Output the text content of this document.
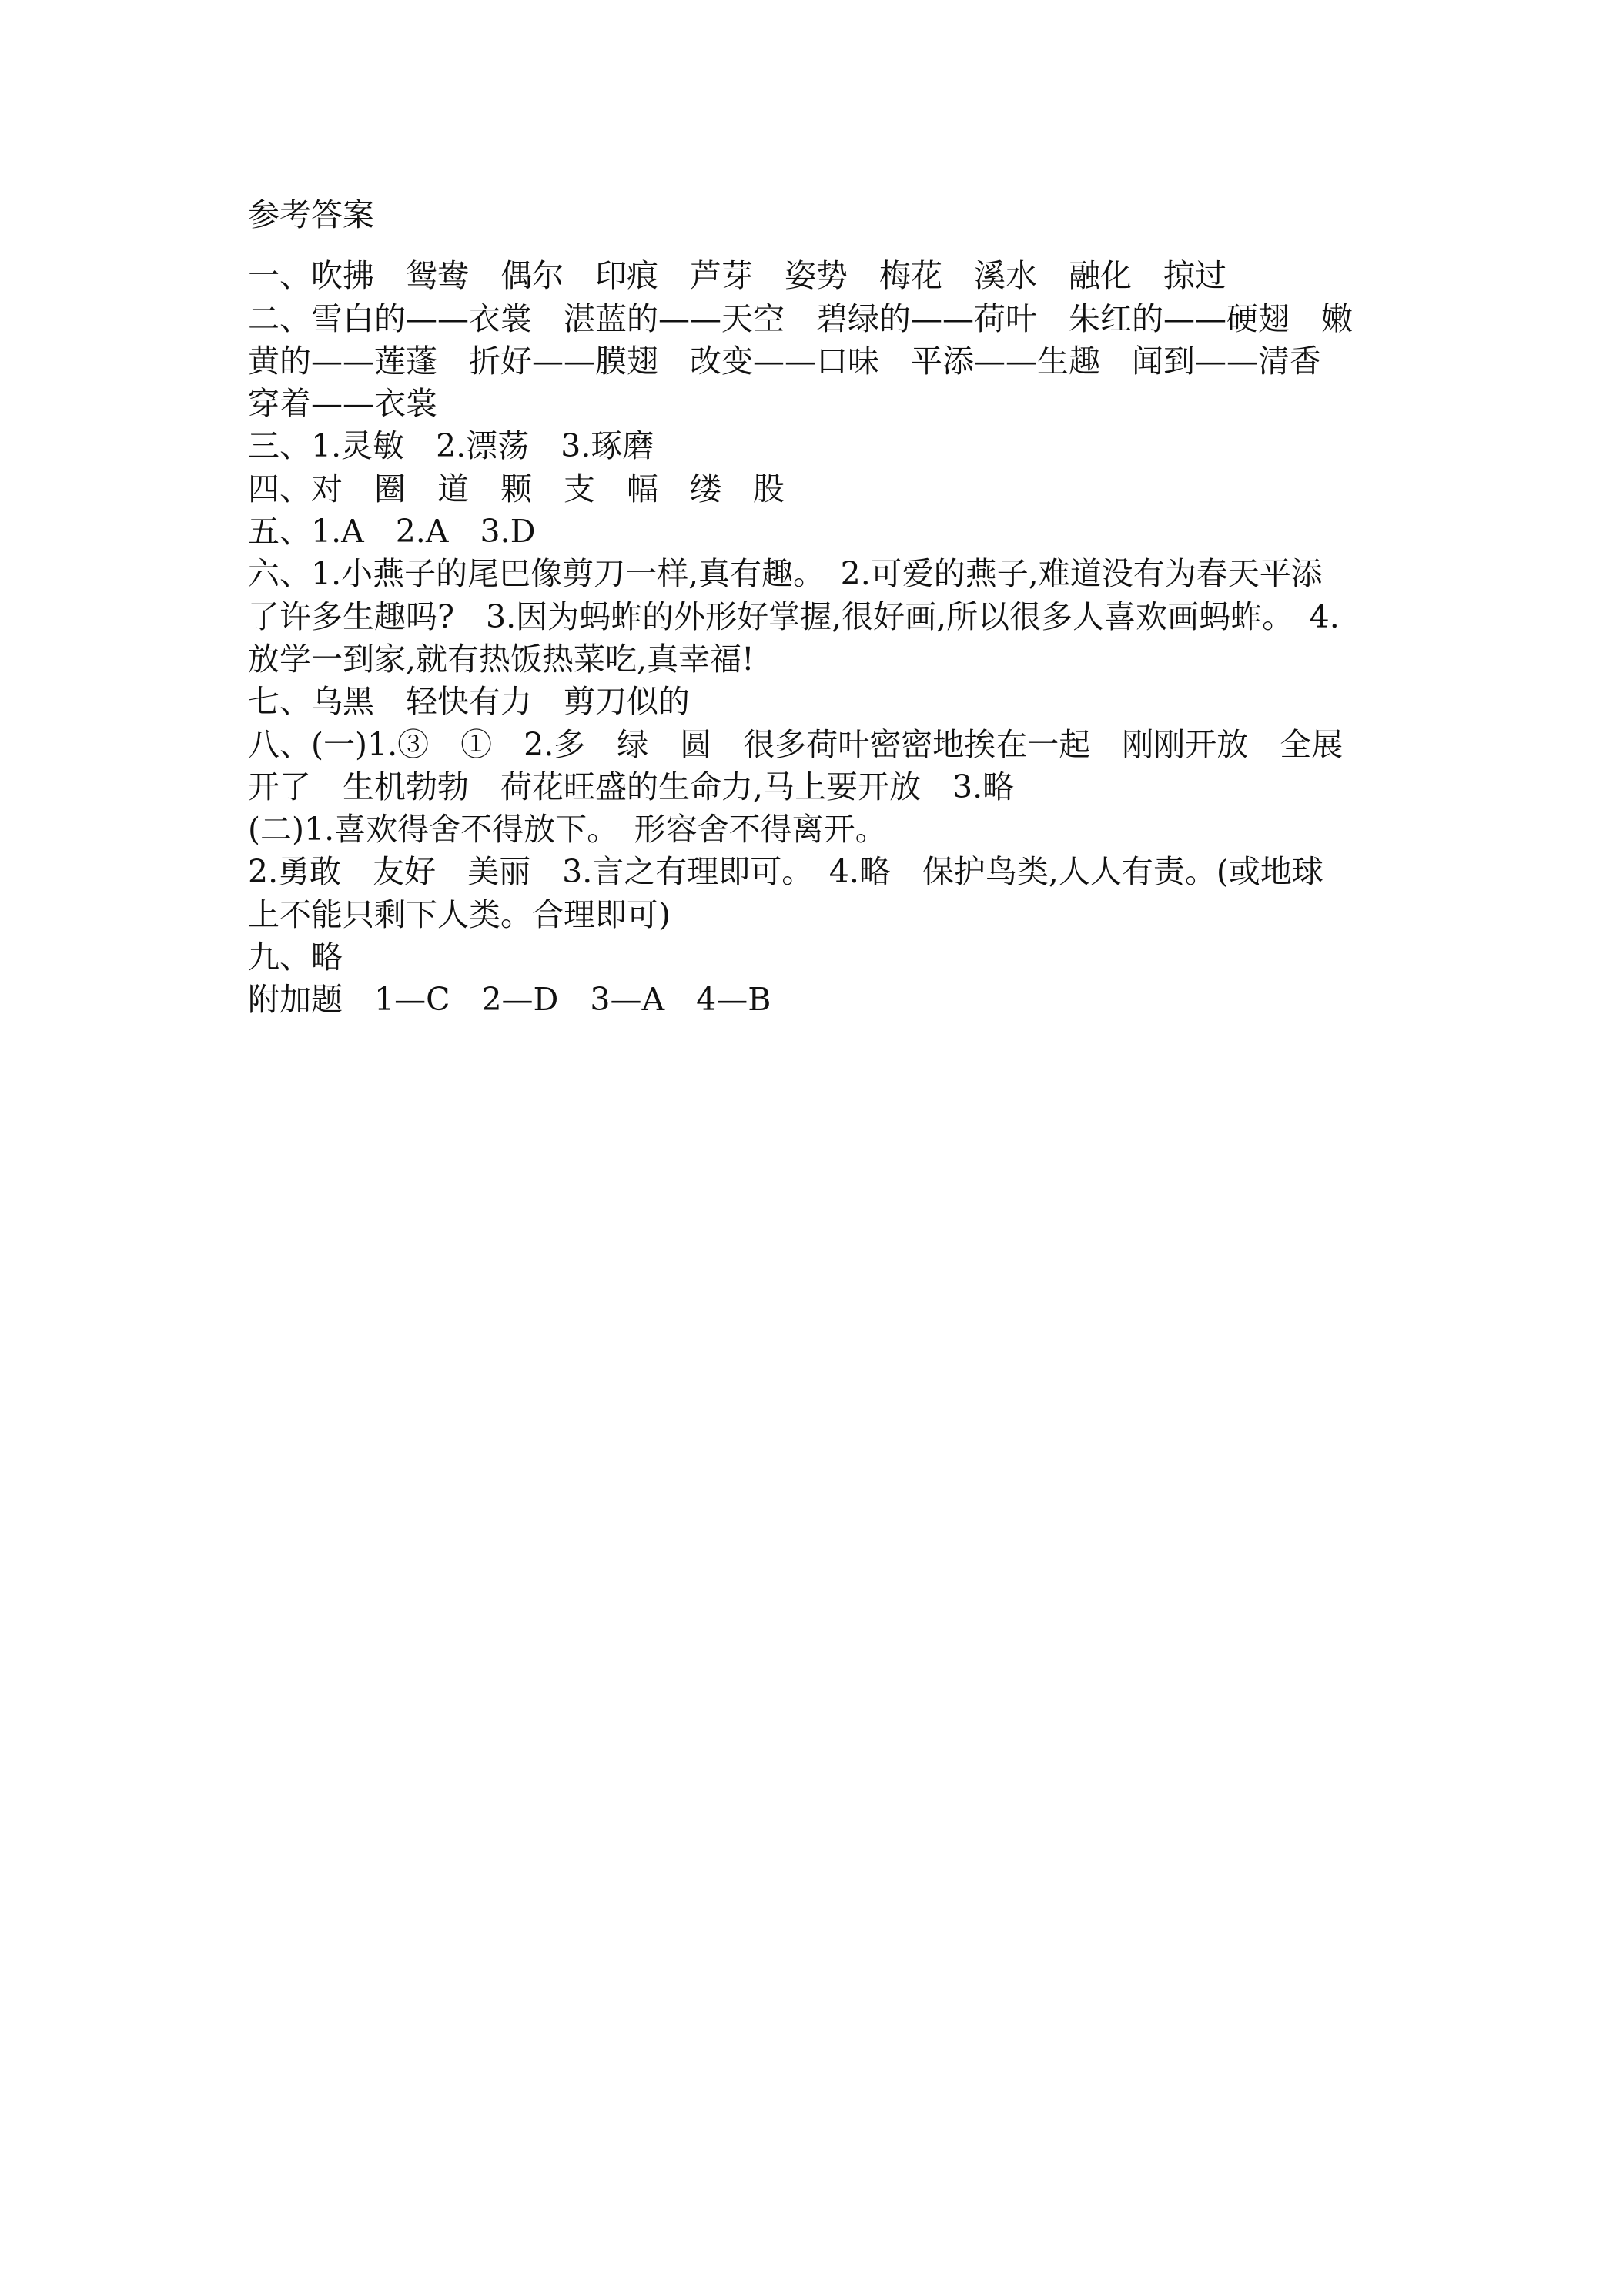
参考答案
一、吹拂　鸳鸯　偶尔　印痕　芦芽　姿势　梅花　溪水　融化　掠过
二、雪白的——衣裳　湛蓝的——天空　碧绿的——荷叶　朱红的——硬翅　嫩
黄的——莲蓬　折好——膜翅　改变——口味　平添——生趣　闻到——清香
穿着——衣裳
三、1.灵敏　2.漂荡　3.琢磨
四、对　圈　道　颗　支　幅　缕　股
五、1.A　2.A　3.D
六、1.小燕子的尾巴像剪刀一样,真有趣。　2.可爱的燕子,难道没有为春天平添
了许多生趣吗?　3.因为蚂蚱的外形好掌握,很好画,所以很多人喜欢画蚂蚱。　4.
放学一到家,就有热饭热菜吃,真幸福!
七、乌黑　轻快有力　剪刀似的
八、(一)1.③　①　2.多　绿　圆　很多荷叶密密地挨在一起　刚刚开放　全展
开了　生机勃勃　荷花旺盛的生命力,马上要开放　3.略
(二)1.喜欢得舍不得放下。　形容舍不得离开。
2.勇敢　友好　美丽　3.言之有理即可。　4.略　保护鸟类,人人有责。(或地球
上不能只剩下人类。合理即可)
九、略
附加题　1—C　2—D　3—A　4—B
